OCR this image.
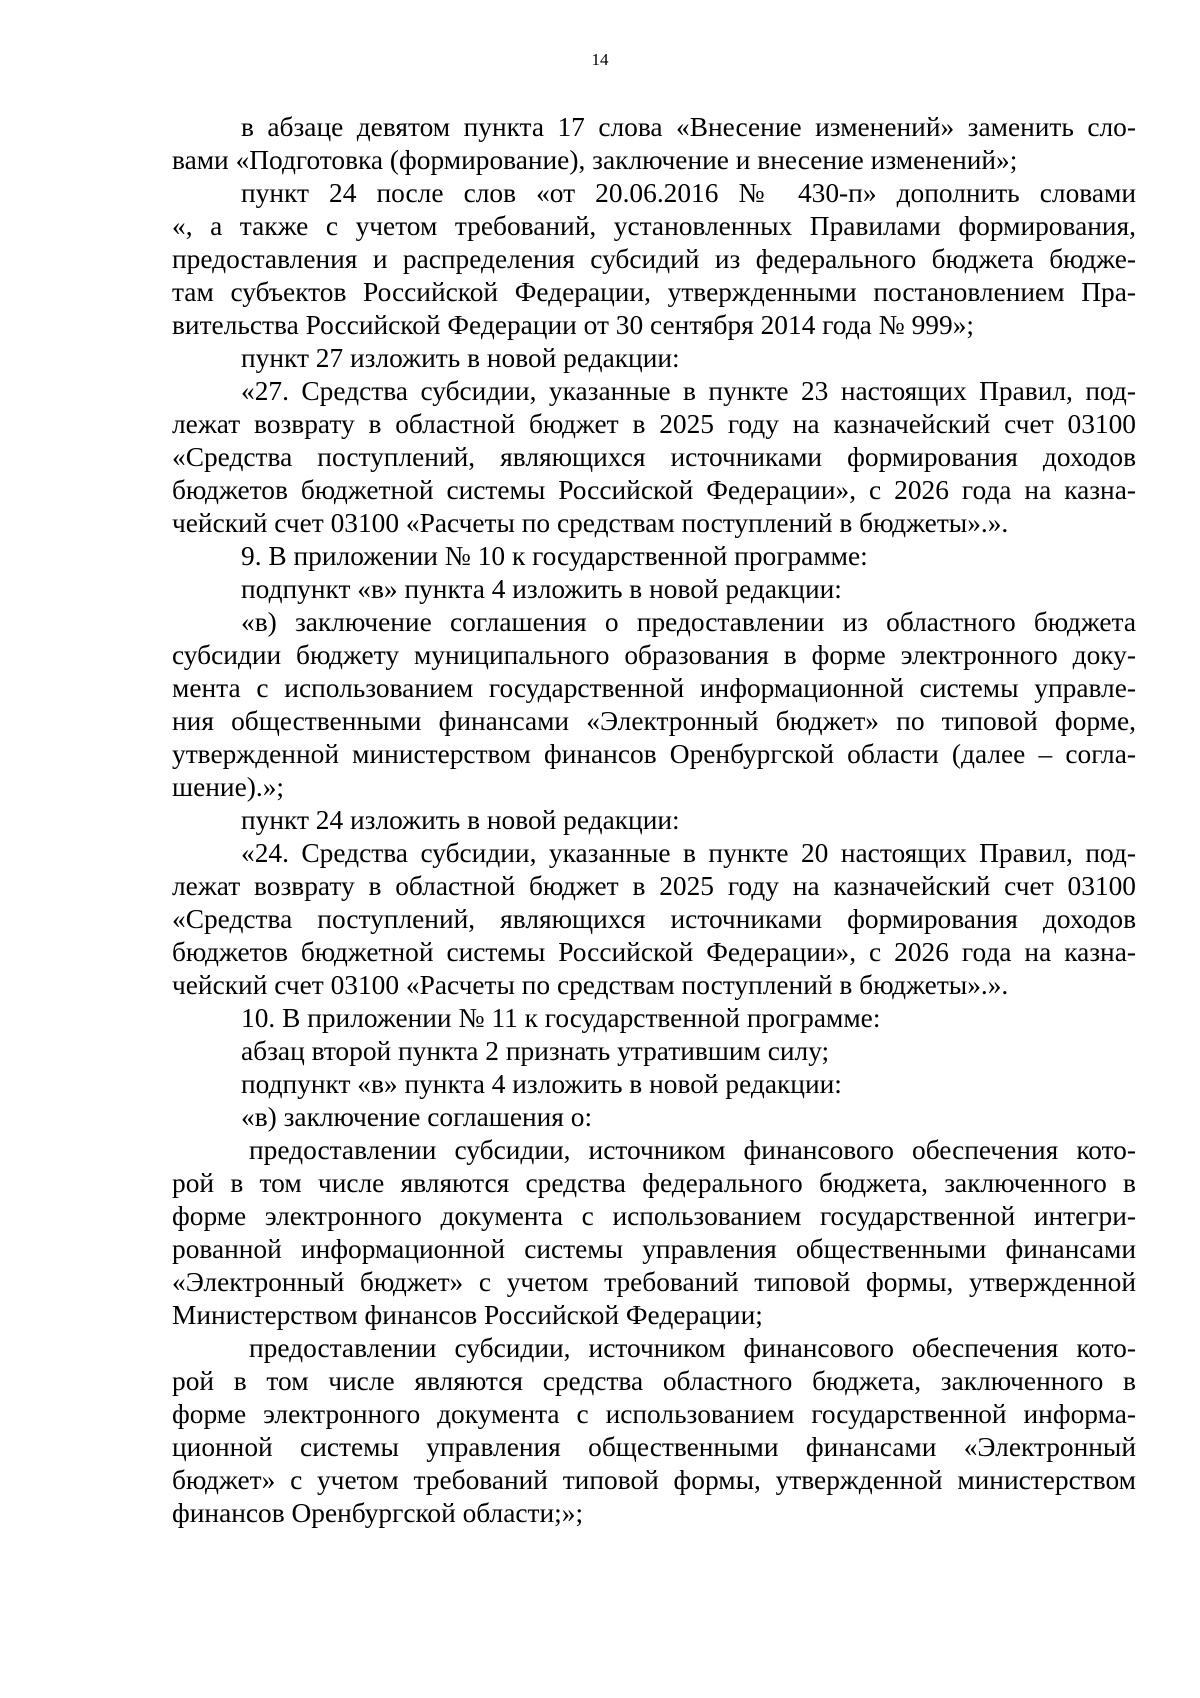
14
в абзаце девятом пункта 17 слова «Внесение изменений» заменить сло-
вами «Подготовка (формирование), заключение и внесение изменений»;
пункт 24 после слов «от 20.06.2016 № 430-п» дополнить словами
«, а также с учетом требований, установленных Правилами формирования,
предоставления и распределения субсидий из федерального бюджета бюдже-
там субъектов Российской Федерации, утвержденными постановлением Пра-
вительства Российской Федерации от 30 сентября 2014 года № 999»;
пункт 27 изложить в новой редакции:
«27. Средства субсидии, указанные в пункте 23 настоящих Правил, под-
лежат возврату в областной бюджет в 2025 году на казначейский счет 03100
«Средства поступлений, являющихся источниками формирования доходов
бюджетов бюджетной системы Российской Федерации», с 2026 года на казна-
чейский счет 03100 «Расчеты по средствам поступлений в бюджеты».».
9. В приложении № 10 к государственной программе:
подпункт «в» пункта 4 изложить в новой редакции:
«в) заключение соглашения о предоставлении из областного бюджета
субсидии бюджету муниципального образования в форме электронного доку-
мента с использованием государственной информационной системы управле-
ния общественными финансами «Электронный бюджет» по типовой форме,
утвержденной министерством финансов Оренбургской области (далее – согла-
шение).»;
пункт 24 изложить в новой редакции:
«24. Средства субсидии, указанные в пункте 20 настоящих Правил, под-
лежат возврату в областной бюджет в 2025 году на казначейский счет 03100
«Средства поступлений, являющихся источниками формирования доходов
бюджетов бюджетной системы Российской Федерации», с 2026 года на казна-
чейский счет 03100 «Расчеты по средствам поступлений в бюджеты».».
10. В приложении № 11 к государственной программе:
абзац второй пункта 2 признать утратившим силу;
подпункт «в» пункта 4 изложить в новой редакции:
«в) заключение соглашения о:
предоставлении субсидии, источником финансового обеспечения кото-
рой в том числе являются средства федерального бюджета, заключенного в
форме электронного документа с использованием государственной интегри-
рованной информационной системы управления общественными финансами
«Электронный бюджет» с учетом требований типовой формы, утвержденной
Министерством финансов Российской Федерации;
предоставлении субсидии, источником финансового обеспечения кото-
рой в том числе являются средства областного бюджета, заключенного в
форме электронного документа с использованием государственной информа-
ционной системы управления общественными финансами «Электронный
бюджет» с учетом требований типовой формы, утвержденной министерством
финансов Оренбургской области;»;
